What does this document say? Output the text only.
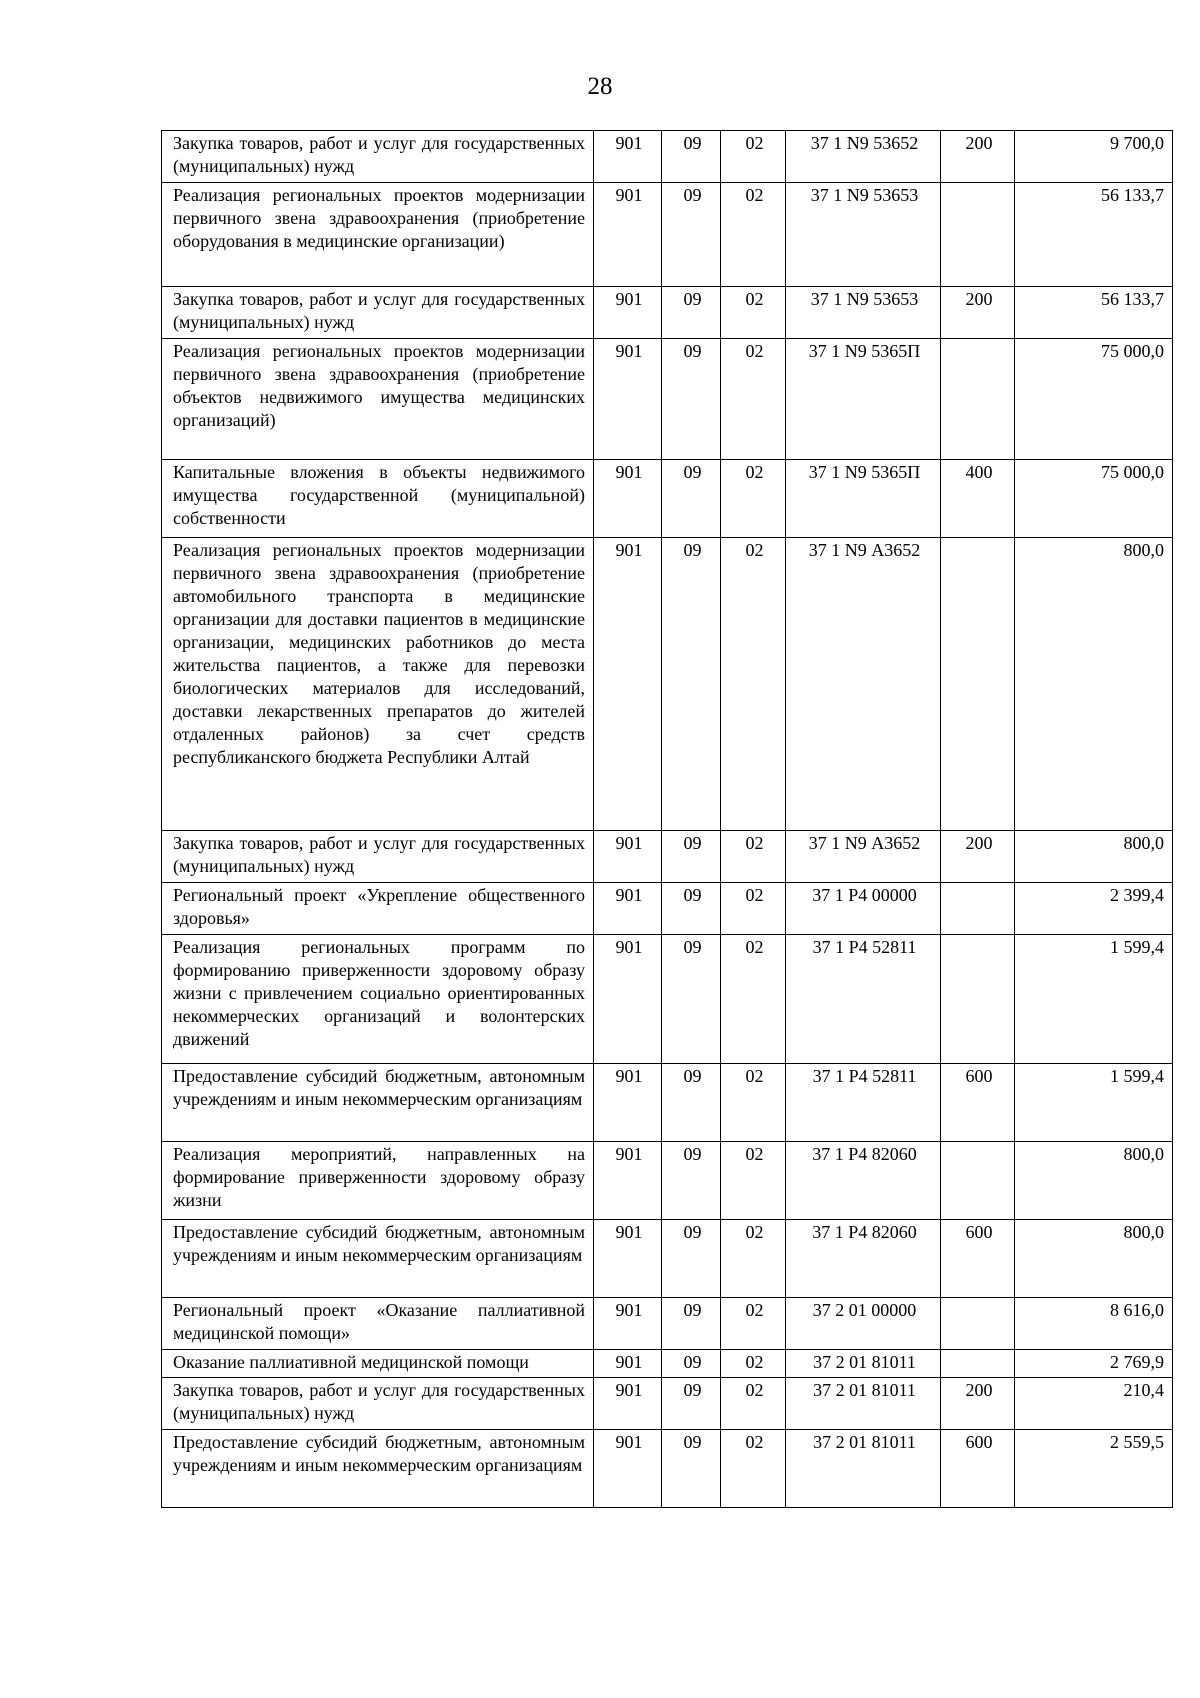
28
Закупка товаров, работ и услуг для государственных (муниципальных) нужд	901	09	02	37 1 N9 53652	200	9 700,0
Реализация региональных проектов модернизации первичного звена здравоохранения (приобретение оборудования в медицинские организации)	901	09	02	37 1 N9 53653		56 133,7
Закупка товаров, работ и услуг для государственных (муниципальных) нужд	901	09	02	37 1 N9 53653	200	56 133,7
Реализация региональных проектов модернизации первичного звена здравоохранения (приобретение объектов недвижимого имущества медицинских организаций)	901	09	02	37 1 N9 5365П		75 000,0
Капитальные вложения в объекты недвижимого имущества государственной (муниципальной) собственности	901	09	02	37 1 N9 5365П	400	75 000,0
Реализация региональных проектов модернизации первичного звена здравоохранения (приобретение автомобильного транспорта в медицинские организации для доставки пациентов в медицинские организации, медицинских работников до места жительства пациентов, а также для перевозки биологических материалов для исследований, доставки лекарственных препаратов до жителей отдаленных районов) за счет средств республиканского бюджета Республики Алтай	901	09	02	37 1 N9 А3652		800,0
Закупка товаров, работ и услуг для государственных (муниципальных) нужд	901	09	02	37 1 N9 А3652	200	800,0
Региональный проект «Укрепление общественного здоровья»	901	09	02	37 1 P4 00000		2 399,4
Реализация региональных программ по формированию приверженности здоровому образу жизни с привлечением социально ориентированных некоммерческих организаций и волонтерских движений	901	09	02	37 1 P4 52811		1 599,4
Предоставление субсидий бюджетным, автономным учреждениям и иным некоммерческим организациям	901	09	02	37 1 P4 52811	600	1 599,4
Реализация мероприятий, направленных на формирование приверженности здоровому образу жизни	901	09	02	37 1 P4 82060		800,0
Предоставление субсидий бюджетным, автономным учреждениям и иным некоммерческим организациям	901	09	02	37 1 P4 82060	600	800,0
Региональный проект «Оказание паллиативной медицинской помощи»	901	09	02	37 2 01 00000		8 616,0
Оказание паллиативной медицинской помощи	901	09	02	37 2 01 81011		2 769,9
Закупка товаров, работ и услуг для государственных (муниципальных) нужд	901	09	02	37 2 01 81011	200	210,4
Предоставление субсидий бюджетным, автономным учреждениям и иным некоммерческим организациям	901	09	02	37 2 01 81011	600	2 559,5
